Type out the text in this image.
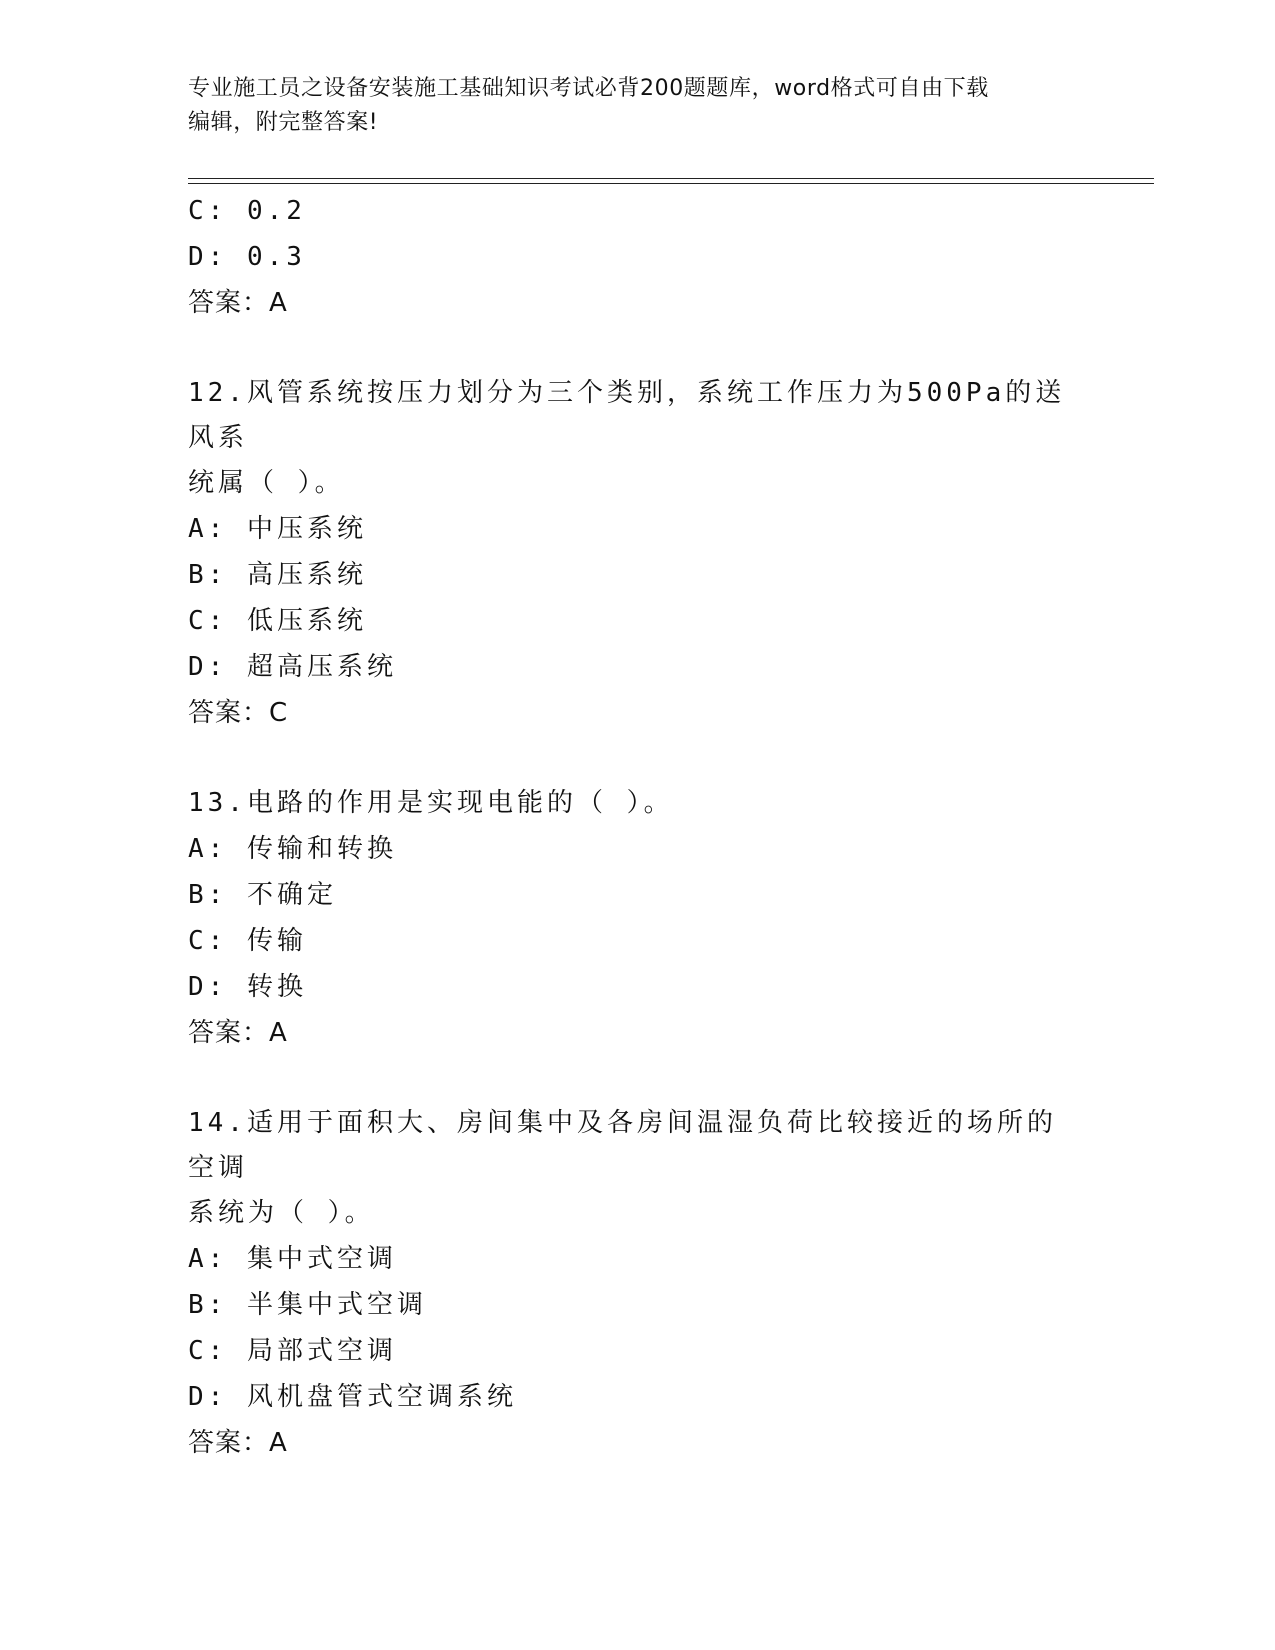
专业施工员之设备安装施工基础知识考试必背200题题库，word格式可自由下载
编辑，附完整答案!
C: 0.2
D: 0.3
答案：A
12.风管系统按压力划分为三个类别，系统工作压力为500Pa的送风系
统属（ ）。
A: 中压系统
B: 高压系统
C: 低压系统
D: 超高压系统
答案：C
13.电路的作用是实现电能的（ ）。
A: 传输和转换
B: 不确定
C: 传输
D: 转换
答案：A
14.适用于面积大、房间集中及各房间温湿负荷比较接近的场所的空调
系统为（ ）。
A: 集中式空调
B: 半集中式空调
C: 局部式空调
D: 风机盘管式空调系统
答案：A
